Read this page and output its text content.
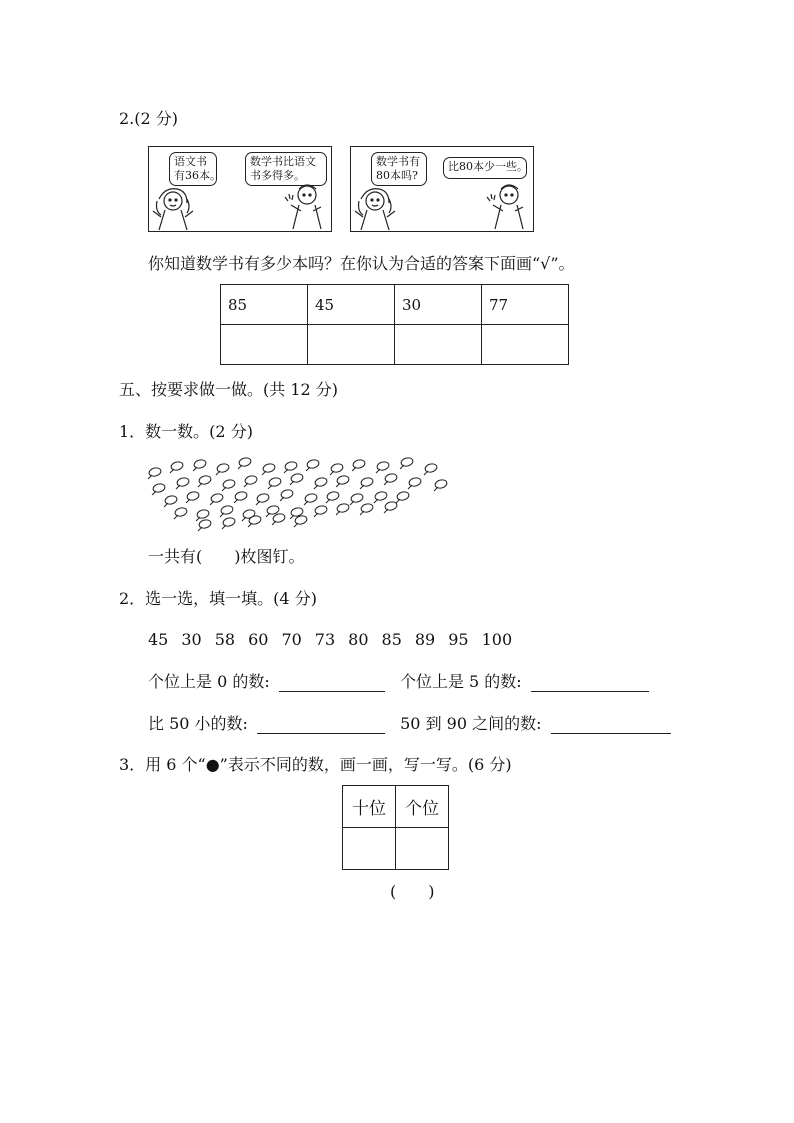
2.(2 分)
语文书
有36本。
数学书比语文
书多得多。
数学书有
80本吗?
比80本少一些。
你知道数学书有多少本吗？在你认为合适的答案下面画“√”。
85	45	30	77

五、按要求做一做。(共 12 分)
1．数一数。(2 分)
一共有( )枚图钉。
2．选一选，填一填。(4 分)
45 30 58 60 70 73 80 85 89 95 100
个位上是 0 的数:	个位上是 5 的数:
比 50 小的数:	50 到 90 之间的数:
3．用 6 个“●”表示不同的数，画一画，写一写。(6 分)
十位	个位

(　　)
